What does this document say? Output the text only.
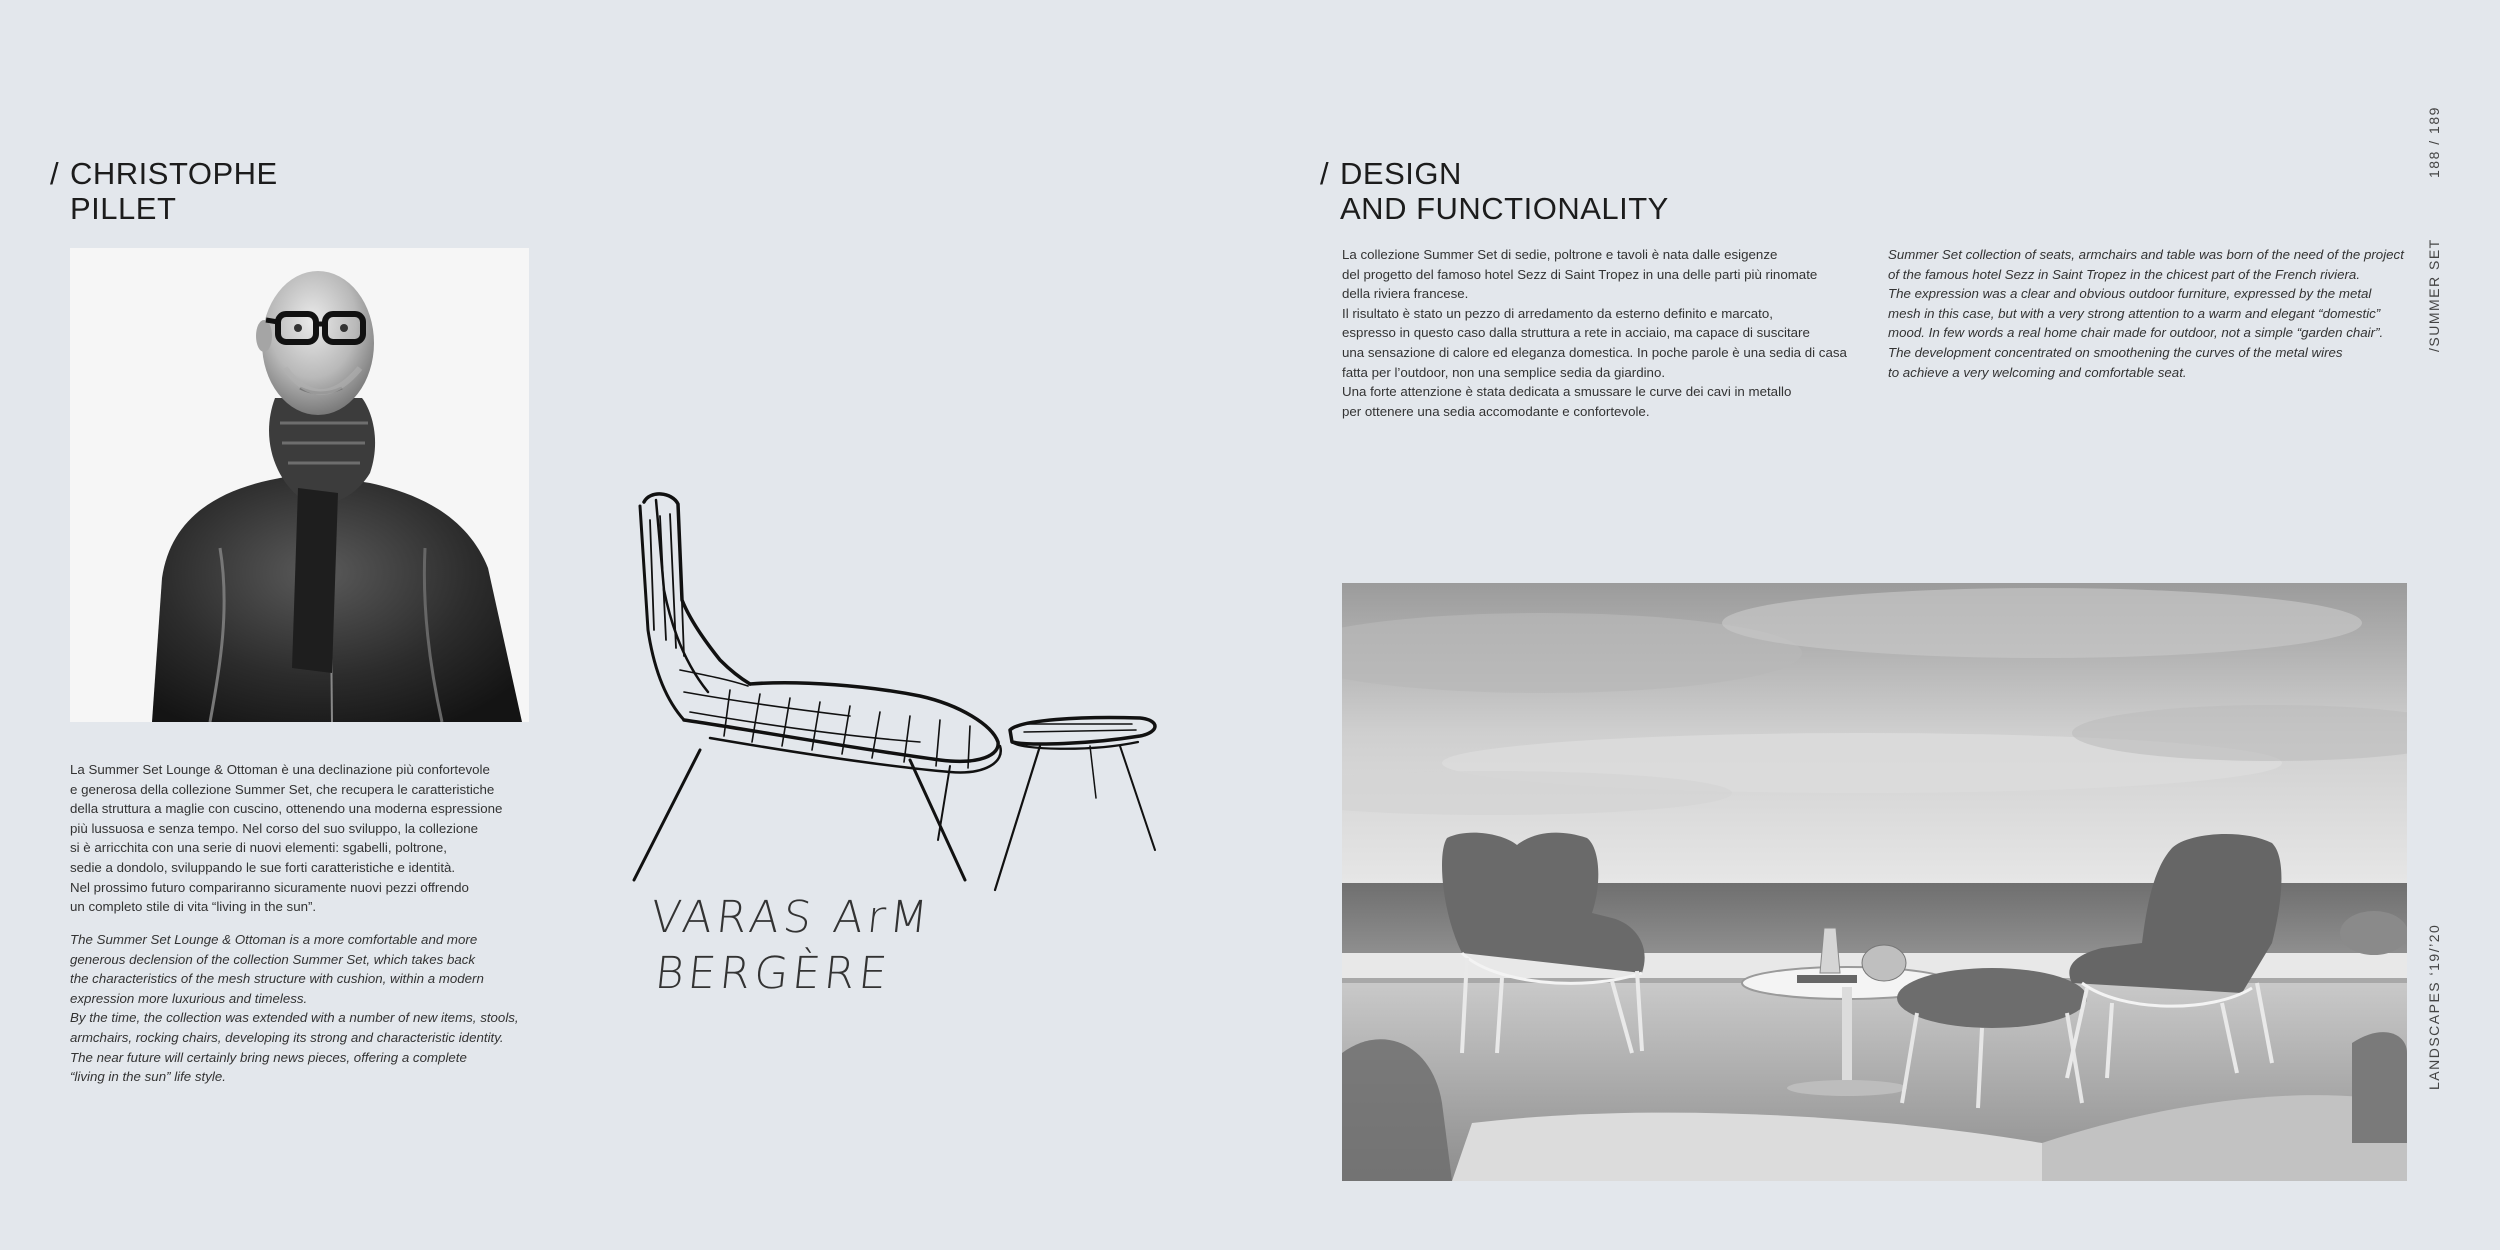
/ CHRISTOPHE
PILLET

La Summer Set Lounge & Ottoman è una declinazione più confortevole
e generosa della collezione Summer Set, che recupera le caratteristiche
della struttura a maglie con cuscino, ottenendo una moderna espressione
più lussuosa e senza tempo. Nel corso del suo sviluppo, la collezione
si è arricchita con una serie di nuovi elementi: sgabelli, poltrone,
sedie a dondolo, sviluppando le sue forti caratteristiche e identità.
Nel prossimo futuro compariranno sicuramente nuovi pezzi offrendo
un completo stile di vita “living in the sun”.

The Summer Set Lounge & Ottoman is a more comfortable and more
generous declension of the collection Summer Set, which takes back
the characteristics of the mesh structure with cushion, within a modern
expression more luxurious and timeless.
By the time, the collection was extended with a number of new items, stools,
armchairs, rocking chairs, developing its strong and characteristic identity.
The near future will certainly bring news pieces, offering a complete
“living in the sun” life style.

VARAS ArM
BERGÈRE
/ DESIGN
AND FUNCTIONALITY

La collezione Summer Set di sedie, poltrone e tavoli è nata dalle esigenze
del progetto del famoso hotel Sezz di Saint Tropez in una delle parti più rinomate
della riviera francese.
Il risultato è stato un pezzo di arredamento da esterno definito e marcato,
espresso in questo caso dalla struttura a rete in acciaio, ma capace di suscitare
una sensazione di calore ed eleganza domestica. In poche parole è una sedia di casa
fatta per l’outdoor, non una semplice sedia da giardino.
Una forte attenzione è stata dedicata a smussare le curve dei cavi in metallo
per ottenere una sedia accomodante e confortevole.

Summer Set collection of seats, armchairs and table was born of the need of the project
of the famous hotel Sezz in Saint Tropez in the chicest part of the French riviera.
The expression was a clear and obvious outdoor furniture, expressed by the metal
mesh in this case, but with a very strong attention to a warm and elegant “domestic”
mood. In few words a real home chair made for outdoor, not a simple “garden chair”.
The development concentrated on smoothening the curves of the metal wires
to achieve a very welcoming and comfortable seat.

188 / 189
/SUMMER SET
LANDSCAPES ‘19/’20
